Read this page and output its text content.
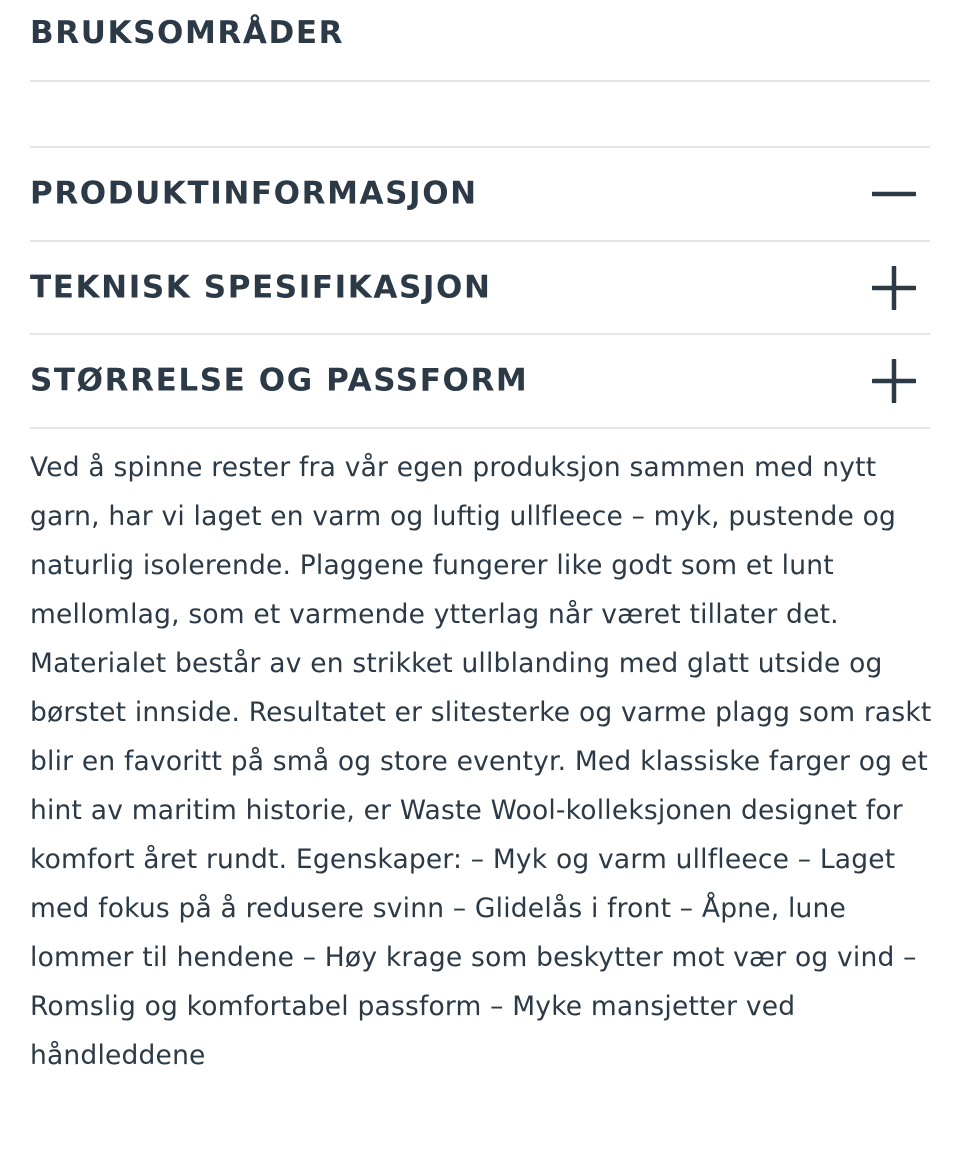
BRUKSOMRÅDER
PRODUKTINFORMASJON
TEKNISK SPESIFIKASJON
STØRRELSE OG PASSFORM

Ved å spinne rester fra vår egen produksjon sammen med nytt garn, har vi laget en varm og luftig ullfleece – myk, pustende og naturlig isolerende. Plaggene fungerer like godt som et lunt mellomlag, som et varmende ytterlag når været tillater det. Materialet består av en strikket ullblanding med glatt utside og børstet innside. Resultatet er slitesterke og varme plagg som raskt blir en favoritt på små og store eventyr. Med klassiske farger og et hint av maritim historie, er Waste Wool-kolleksjonen designet for komfort året rundt. Egenskaper: – Myk og varm ullfleece – Laget med fokus på å redusere svinn – Glidelås i front – Åpne, lune lommer til hendene – Høy krage som beskytter mot vær og vind – Romslig og komfortabel passform – Myke mansjetter ved håndleddene
